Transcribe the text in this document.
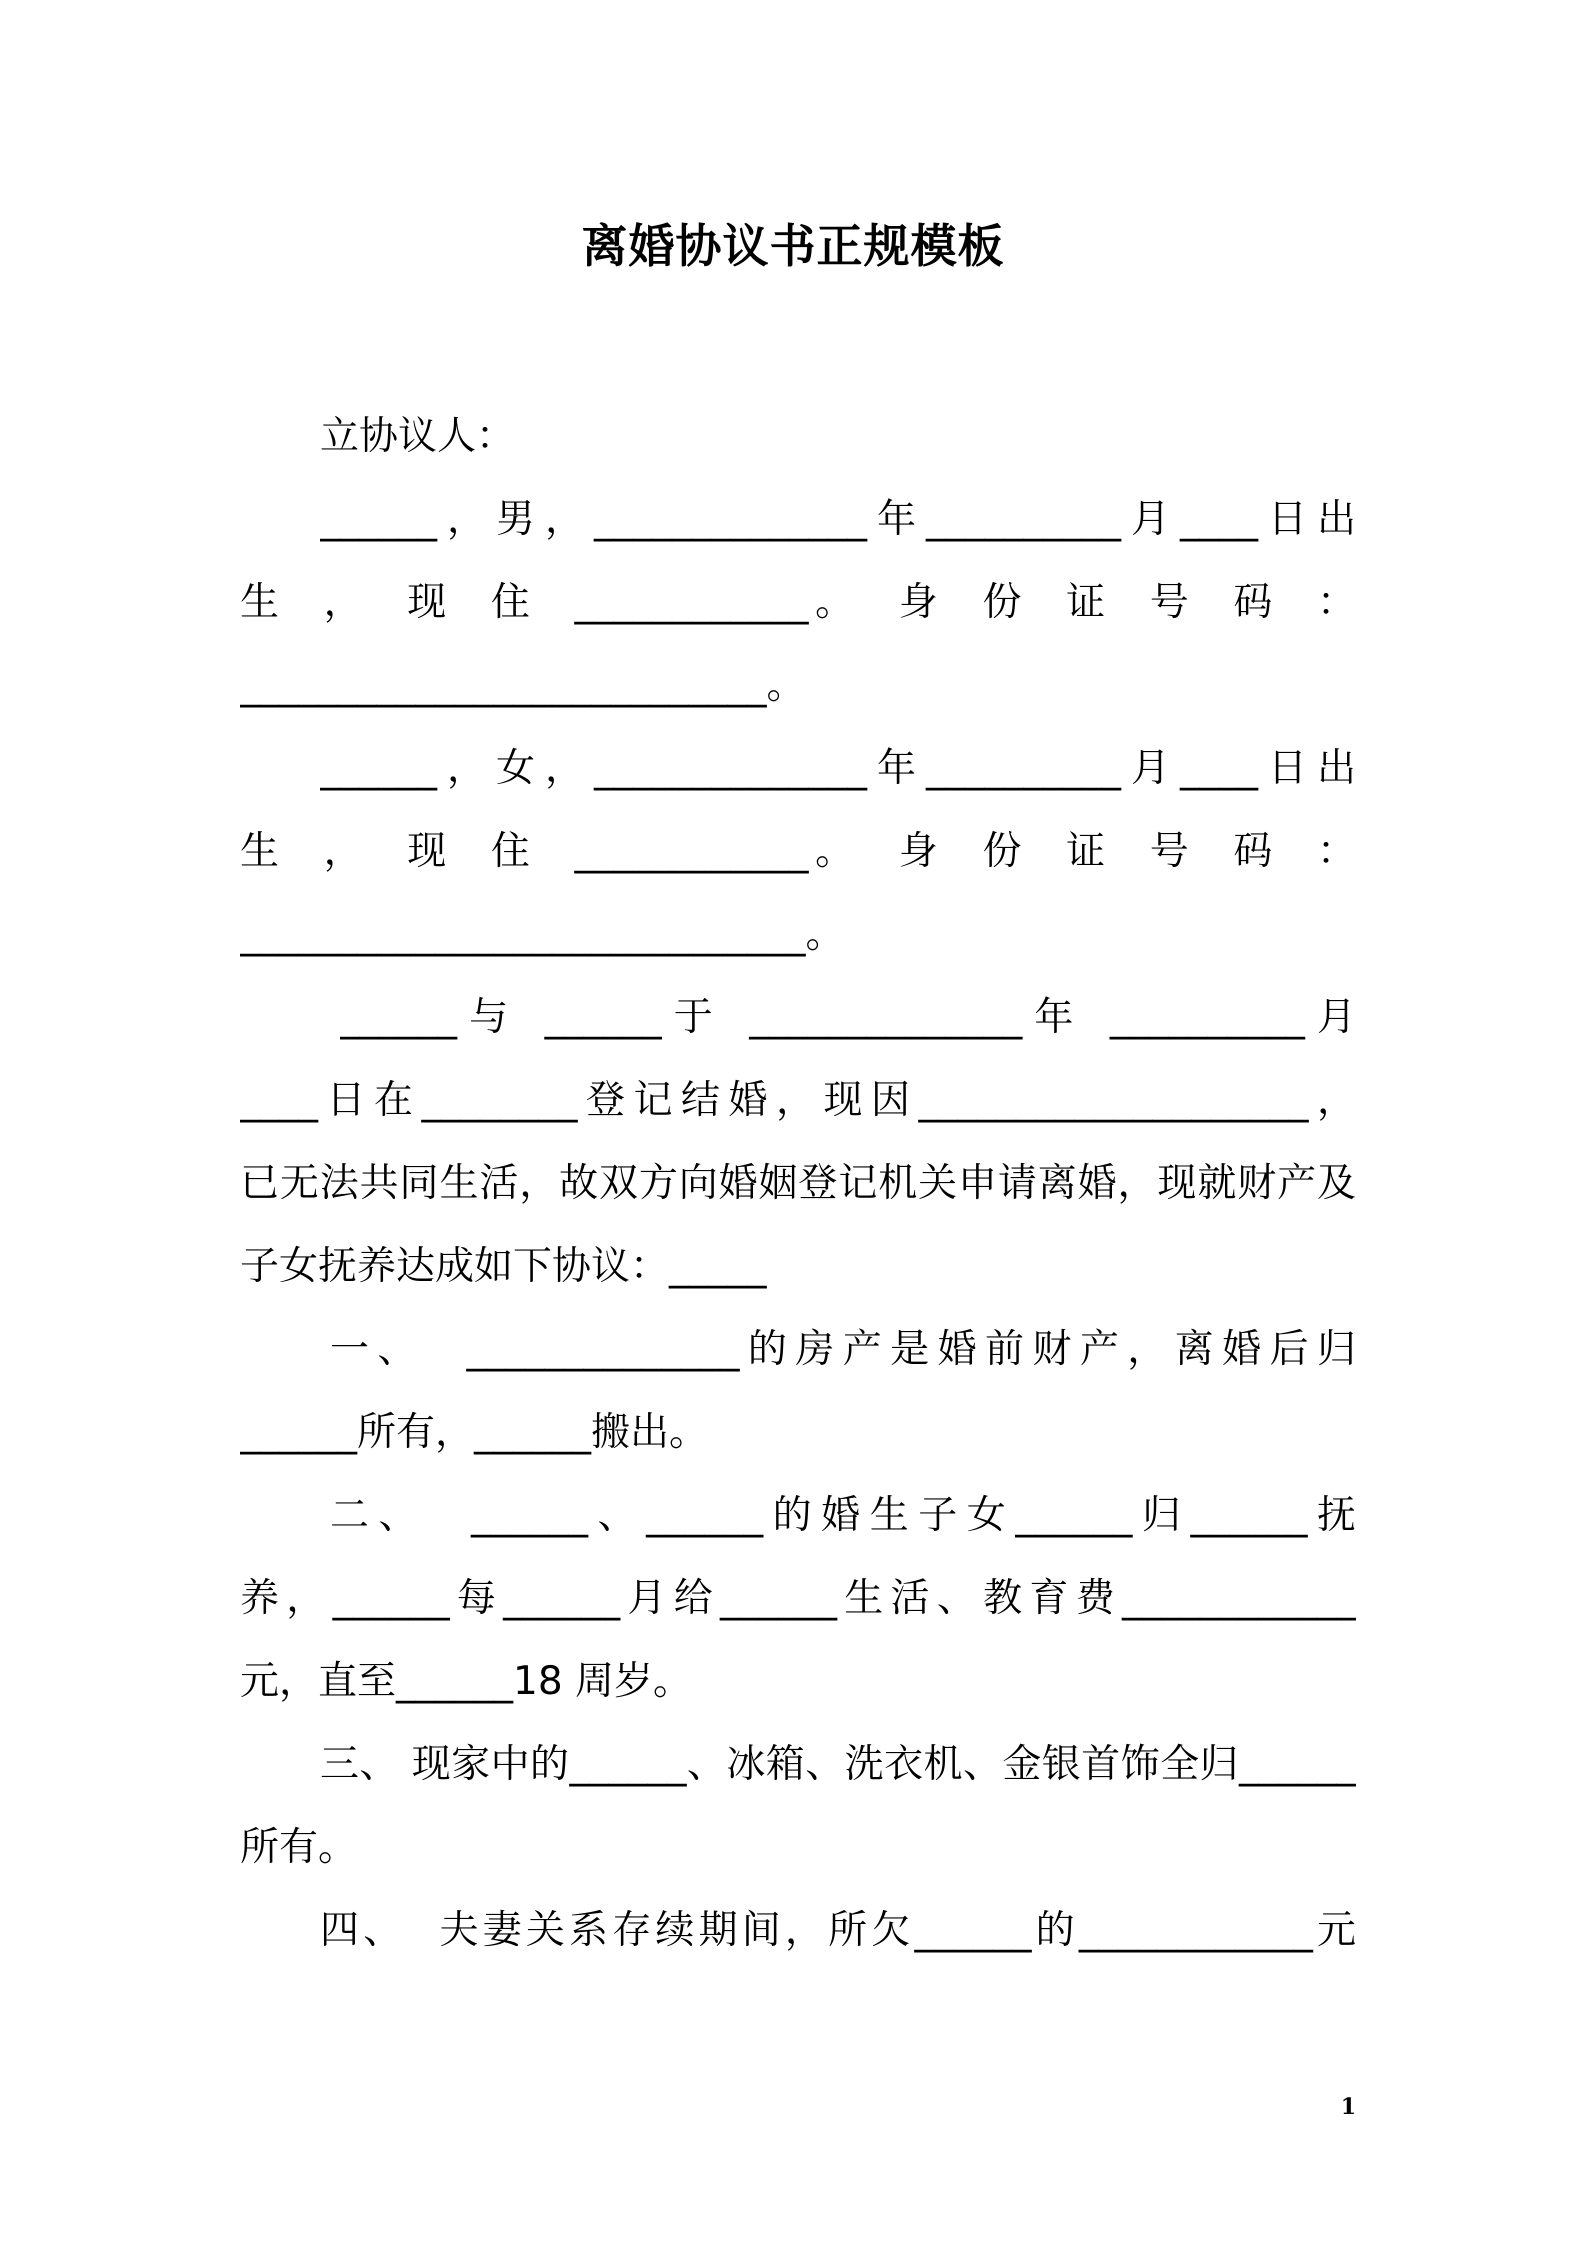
离婚协议书正规模板
立协议人：
______，男，______________年__________月____日出
生  ，  现  住  ____________。  身  份  证  号  码  ：
___________________________。
______，女，______________年__________月____日出
生  ，  现  住  ____________。  身  份  证  号  码  ：
_____________________________。
______与 ______于 ______________年 __________月
____日在________登记结婚，现因____________________，
已无法共同生活，故双方向婚姻登记机关申请离婚，现就财产及
子女抚养达成如下协议：_____
一、  ______________的房产是婚前财产，离婚后归
______所有，______搬出。
二、  ______、______的婚生子女______归______抚
养，______每______月给______生活、教育费____________
元，直至______18 周岁。
三、 现家中的______、冰箱、洗衣机、金银首饰全归______
所有。
四、  夫妻关系存续期间，所欠______的____________元
1
